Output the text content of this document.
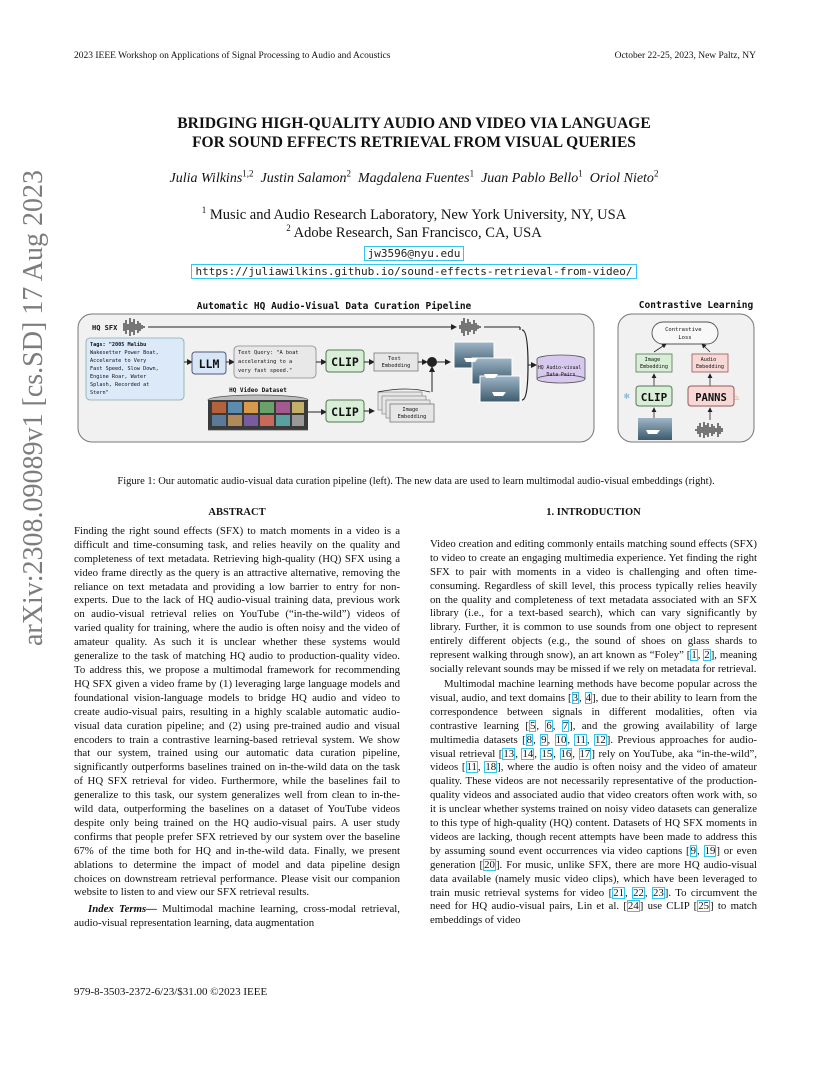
2023 IEEE Workshop on Applications of Signal Processing to Audio and Acoustics	October 22-25, 2023, New Paltz, NY
BRIDGING HIGH-QUALITY AUDIO AND VIDEO VIA LANGUAGE
FOR SOUND EFFECTS RETRIEVAL FROM VISUAL QUERIES
Julia Wilkins$^{1,2}$ Justin Salamon$^2$ Magdalena Fuentes$^1$ Juan Pablo Bello$^1$ Oriol Nieto$^2$
$^1$ Music and Audio Research Laboratory, New York University, NY, USA
$^2$ Adobe Research, San Francisco, CA, USA
jw3596@nyu.edu
https://juliawilkins.github.io/sound-effects-retrieval-from-video/
arXiv:2308.09089v1 [cs.SD] 17 Aug 2023	Automatic HQ Audio-Visual Data Curation Pipeline	Contrastive Learning
HQ SFX
Tags: "2005 Malibu Wakesetter Power Boat, Accelerate to Very Fast Speed, Slow Down, Engine Roar, Water Splash, Recorded at Stern"
LLM
Text Query: "A boat accelerating to a very fast speed."
CLIP	Text Embedding	HQ Audio-visual Data Pairs
HQ Video Dataset
CLIP	Image Embedding
Contrastive Loss
Image Embedding
Audio Embedding
❄ CLIP	PANNS ♨
Figure 1: Our automatic audio-visual data curation pipeline (left). The new data are used to learn multimodal audio-visual embeddings (right).
ABSTRACT

Finding the right sound effects (SFX) to match moments in a video is a difficult and time-consuming task, and relies heavily on the quality and completeness of text metadata. Retrieving high-quality (HQ) SFX using a video frame directly as the query is an attractive alternative, removing the reliance on text metadata and providing a low barrier to entry for non-experts. Due to the lack of HQ audio-visual training data, previous work on audio-visual retrieval relies on YouTube (“in-the-wild”) videos of varied quality for training, where the audio is often noisy and the video of amateur quality. As such it is unclear whether these systems would generalize to the task of matching HQ audio to production-quality video. To address this, we propose a multimodal framework for recommending HQ SFX given a video frame by (1) leveraging large language models and foundational vision-language models to bridge HQ audio and video to create audio-visual pairs, resulting in a highly scalable automatic audio-visual data curation pipeline; and (2) using pre-trained audio and visual encoders to train a contrastive learning-based retrieval system. We show that our system, trained using our automatic data curation pipeline, significantly outperforms baselines trained on in-the-wild data on the task of HQ SFX retrieval for video. Furthermore, while the baselines fail to generalize to this task, our system generalizes well from clean to in-the-wild data, outperforming the baselines on a dataset of YouTube videos despite only being trained on the HQ audio-visual pairs. A user study confirms that people prefer SFX retrieved by our system over the baseline 67% of the time both for HQ and in-the-wild data. Finally, we present ablations to determine the impact of model and data pipeline design choices on downstream retrieval performance. Please visit our companion website to listen to and view our SFX retrieval results.

Index Terms— Multimodal machine learning, cross-modal retrieval, audio-visual representation learning, data augmentation

1. INTRODUCTION

Video creation and editing commonly entails matching sound effects (SFX) to video to create an engaging multimedia experience. Yet finding the right SFX to pair with moments in a video is challenging and often time-consuming. Regardless of skill level, this process typically relies heavily on the quality and completeness of text metadata associated with an SFX library (i.e., for a text-based search), which can vary significantly by library. Further, it is common to use sounds from one object to represent entirely different objects (e.g., the sound of shoes on glass shards to represent walking through snow), an art known as “Foley” [1, 2], meaning socially relevant sounds may be missed if we rely on metadata for retrieval.

Multimodal machine learning methods have become popular across the visual, audio, and text domains [3, 4], due to their ability to learn from the correspondence between signals in different modalities, often via contrastive learning [5, 6, 7], and the growing availability of large multimedia datasets [8, 9, 10, 11, 12]. Previous approaches for audio-visual retrieval [13, 14, 15, 16, 17] rely on YouTube, aka “in-the-wild”, videos [11, 18], where the audio is often noisy and the video of amateur quality. These videos are not necessarily representative of the production-quality videos and associated audio that video creators often work with, so it is unclear whether systems trained on noisy video datasets can generalize to this type of high-quality (HQ) content. Datasets of HQ SFX moments in videos are lacking, though recent attempts have been made to address this by assuming sound event occurrences via video captions [9, 19] or even generation [20]. For music, unlike SFX, there are more HQ audio-visual data available (namely music video clips), which have been leveraged to train music retrieval systems for video [21, 22, 23]. To circumvent the need for HQ audio-visual pairs, Lin et al. [24] use CLIP [25] to match embeddings of video

979-8-3503-2372-6/23/$31.00 ©2023 IEEE
